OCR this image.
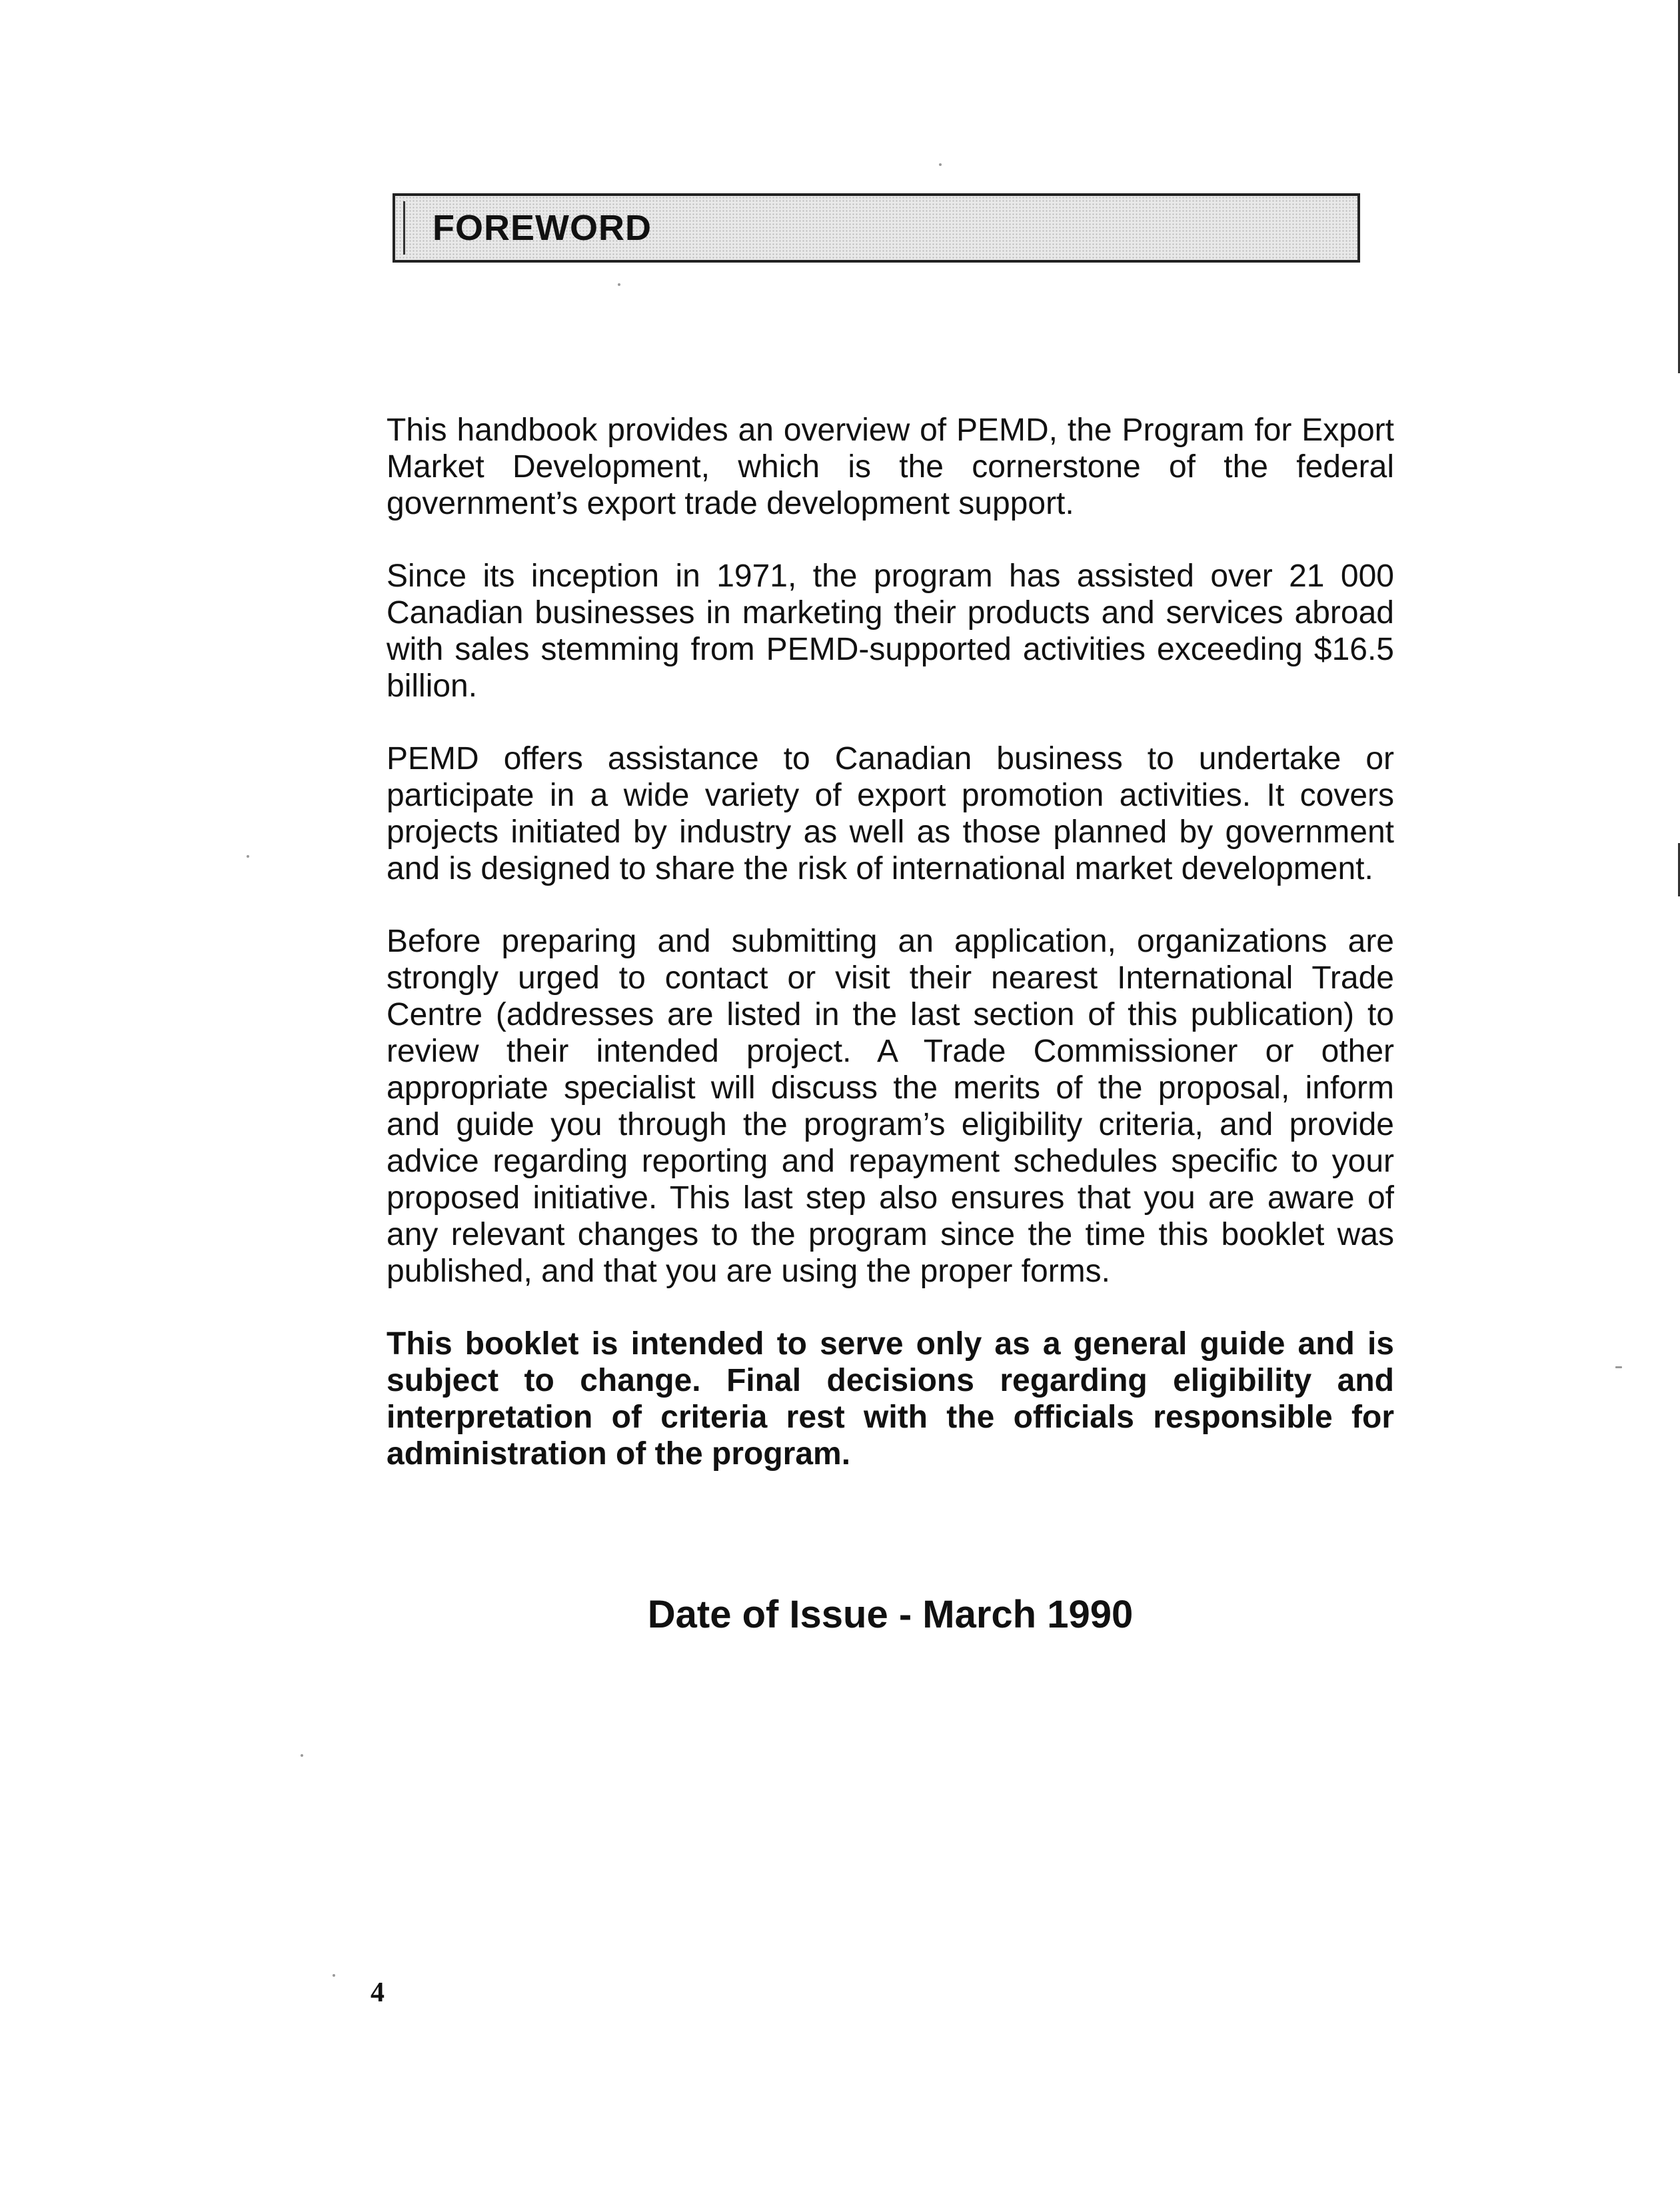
FOREWORD

This handbook provides an overview of PEMD, the Program for Export Market Development, which is the cornerstone of the federal government’s export trade development support.

Since its inception in 1971, the program has assisted over 21 000 Canadian businesses in marketing their products and services abroad with sales stemming from PEMD-supported activities exceeding $16.5 billion.

PEMD offers assistance to Canadian business to undertake or participate in a wide variety of export promotion activities. It covers projects initiated by industry as well as those planned by government and is designed to share the risk of international market development.

Before preparing and submitting an application, organizations are strongly urged to contact or visit their nearest International Trade Centre (addresses are listed in the last section of this publication) to review their intended project. A Trade Commissioner or other appropriate specialist will discuss the merits of the proposal, inform and guide you through the program’s eligibility criteria, and provide advice regarding reporting and repayment schedules specific to your proposed initiative. This last step also ensures that you are aware of any relevant changes to the program since the time this booklet was published, and that you are using the proper forms.

This booklet is intended to serve only as a general guide and is subject to change. Final decisions regarding eligibility and interpretation of criteria rest with the officials responsible for administration of the program.

Date of Issue - March 1990
4
